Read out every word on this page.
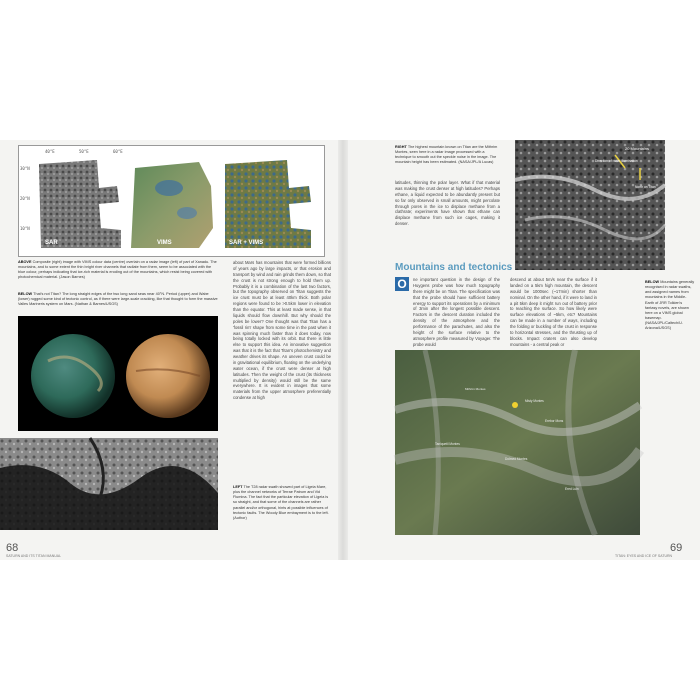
40°E	50°E	60°E
30°N
20°N
10°N
SAR	VIMS	SAR + VIMS
ABOVE Composite (right) image with VIMS colour data (centre) overlain on a radar image (left) of part of Xanadu. The mountains, and to some extent the thin bright river channels that radiate from them, seem to be associated with the blue colour, perhaps indicating that ice-rich material is eroding out of the mountains, which resist being covered with photochemical material. (Jason Barnes)
BELOW That's not Titan? The long straight edges of the two long sand seas near 40°N. Period (upper) and Wabe (lower) rugged some kind of tectonic control, as if there were large-scale cracking, like that thought to form the massive Valles Marineris system on Mars. (Nathan & Barnes/USGS)
about Mars has mountains that were formed billions of years ago by large impacts, or that erosion and transport by wind and rain grinds them down, so that the crust is not strong enough to hold them up. Probably it is a combination of the last two factors, but the topography observed on Titan suggests the ice crust must be at least 40km thick. Both polar regions were found to be >0.5km lower in elevation than the equator. This at least made sense, in that liquids should flow downhill. But why should the poles be lower? One thought was that Titan has a 'fossil rim' shape from some time in the past when it was spinning much faster than it does today, now being totally locked with its orbit. But there is little else to support this idea. An innovative suggestion was that it is the fact that Titan's photochemistry and weather drives its shape. An uneven crust could be in gravitational equilibrium, floating on the underlying water ocean, if the crust were denser at high latitudes. Then the weight of the crust (its thickness multiplied by density) would still be the same everywhere. It is evident in images that some materials from the upper atmosphere preferentially condense at high
LEFT The T28 radar swath showed part of Ligeia Mare, plus the channel networks of Terrae Patrum and Vid Flumina. The fact that the particular elevation of Ligeia is so straight, and that some of the channels are rather parallel and/or orthogonal, hints at possible influences of tectonic faults. The Woody Blue embayment is to the left. (Author)
68
SATURN AND ITS TITAN MANUAL
RIGHT The highest mountain known on Titan are the Mithrim Montes, seen here in a radar image processed with a technique to smooth out the speckle noise in the image. The mountain height has been estimated. (NASA/JPL/A Lucas)
latitudes, thinning the polar layer. What if that material was making the crust denser at high latitudes? Perhaps ethane, a liquid expected to be abundantly present but so far only observed in small amounts, might percolate through pores in the ice to displace methane from a clathrate; experiments have shown that ethane can displace methane from such ice cages, making it denser.
Mountains and tectonics
O	ne important question in the design of the Huygens probe was how much topography there might be on Titan. The specification was that the probe should have sufficient battery energy to support its operations by a minimum of 3min after the longest possible descent. Factors in the descent duration included the density of the atmosphere and the performance of the parachutes, and also the height of the surface relative to the atmosphere profile measured by Voyager. The probe would
descend at about 5m/s near the surface if it landed on a 5km high mountain, the descent would be 1000sec (~17min) shorter than nominal. On the other hand, if it were to land in a pit 5km deep it might run out of battery prior to reaching the surface. So how likely were surface elevations of ~5km, etc? Mountains can be made in a number of ways, including the folding or buckling of the crust in response to horizontal stresses, and the thrusting up of blocks. Impact craters can also develop mountains - a central peak or
20 Mountains
Direction of radar illumination
North on Titan
BELOW Mountains generally recognised in radar swaths, and assigned names from mountains in the Middle-Earth of JRR Tolkien's fantasy novels, are shown here on a VIMS global basemap. (NASA/JPL/Caltech/U. Arizona/USGS)
Mithrim Montes
Misty Montes
Erebor Mons
Taniquetil Montes
Dolmed Montes
Ered Luin
69
TITAN: EYES AND ICE OF SATURN
